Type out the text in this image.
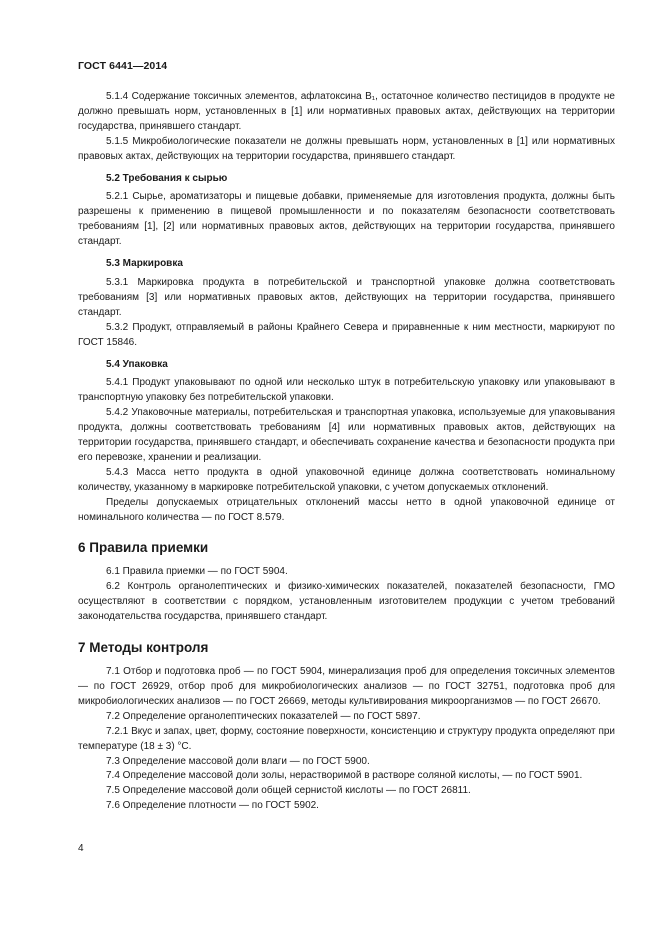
ГОСТ 6441—2014

5.1.4 Содержание токсичных элементов, афлатоксина B₁, остаточное количество пестицидов в продукте не должно превышать норм, установленных в [1] или нормативных правовых актах, действующих на территории государства, принявшего стандарт.

5.1.5 Микробиологические показатели не должны превышать норм, установленных в [1] или нормативных правовых актах, действующих на территории государства, принявшего стандарт.

5.2 Требования к сырью

5.2.1 Сырье, ароматизаторы и пищевые добавки, применяемые для изготовления продукта, должны быть разрешены к применению в пищевой промышленности и по показателям безопасности соответствовать требованиям [1], [2] или нормативных правовых актов, действующих на территории государства, принявшего стандарт.

5.3 Маркировка

5.3.1 Маркировка продукта в потребительской и транспортной упаковке должна соответствовать требованиям [3] или нормативных правовых актов, действующих на территории государства, принявшего стандарт.

5.3.2 Продукт, отправляемый в районы Крайнего Севера и приравненные к ним местности, маркируют по ГОСТ 15846.

5.4 Упаковка

5.4.1 Продукт упаковывают по одной или несколько штук в потребительскую упаковку или упаковывают в транспортную упаковку без потребительской упаковки.

5.4.2 Упаковочные материалы, потребительская и транспортная упаковка, используемые для упаковывания продукта, должны соответствовать требованиям [4] или нормативных правовых актов, действующих на территории государства, принявшего стандарт, и обеспечивать сохранение качества и безопасности продукта при его перевозке, хранении и реализации.

5.4.3 Масса нетто продукта в одной упаковочной единице должна соответствовать номинальному количеству, указанному в маркировке потребительской упаковки, с учетом допускаемых отклонений.

Пределы допускаемых отрицательных отклонений массы нетто в одной упаковочной единице от номинального количества — по ГОСТ 8.579.

6 Правила приемки

6.1 Правила приемки — по ГОСТ 5904.

6.2 Контроль органолептических и физико-химических показателей, показателей безопасности, ГМО осуществляют в соответствии с порядком, установленным изготовителем продукции с учетом требований законодательства государства, принявшего стандарт.

7 Методы контроля

7.1 Отбор и подготовка проб — по ГОСТ 5904, минерализация проб для определения токсичных элементов — по ГОСТ 26929, отбор проб для микробиологических анализов — по ГОСТ 32751, подготовка проб для микробиологических анализов — по ГОСТ 26669, методы культивирования микроорганизмов — по ГОСТ 26670.

7.2 Определение органолептических показателей — по ГОСТ 5897.

7.2.1 Вкус и запах, цвет, форму, состояние поверхности, консистенцию и структуру продукта определяют при температуре (18 ± 3) °С.

7.3 Определение массовой доли влаги — по ГОСТ 5900.

7.4 Определение массовой доли золы, нерастворимой в растворе соляной кислоты, — по ГОСТ 5901.

7.5 Определение массовой доли общей сернистой кислоты — по ГОСТ 26811.

7.6 Определение плотности — по ГОСТ 5902.

4
